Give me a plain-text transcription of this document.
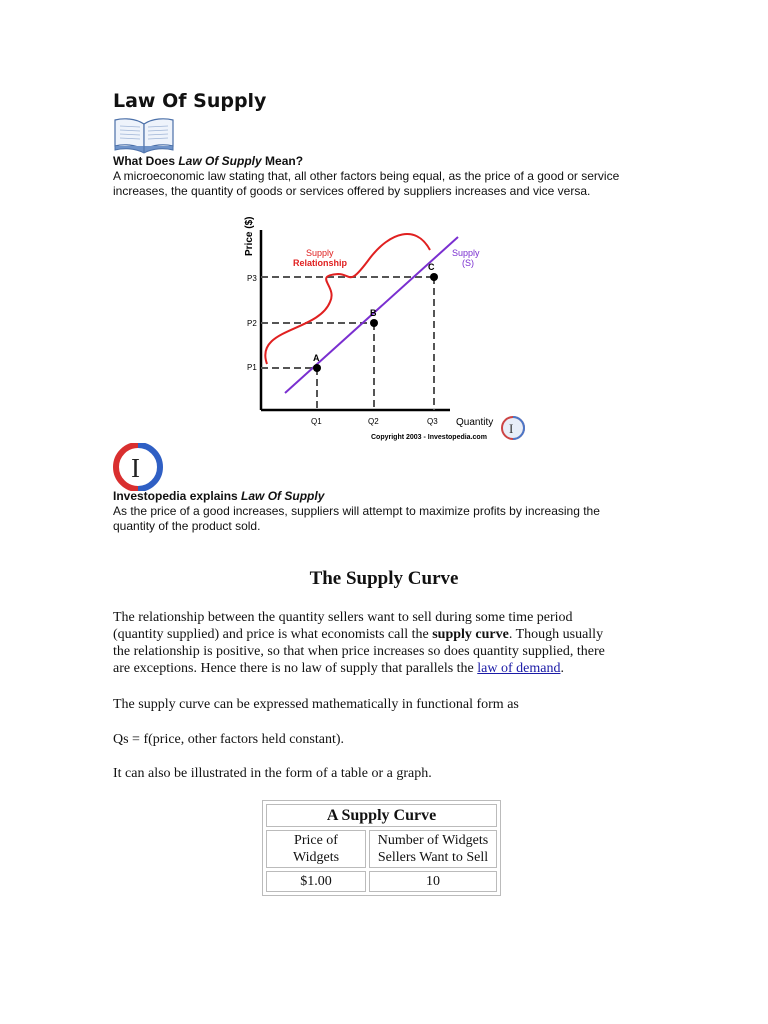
Law Of Supply
What Does Law Of Supply Mean?
A microeconomic law stating that, all other factors being equal, as the price of a good or service
increases, the quantity of goods or services offered by suppliers increases and vice versa.
Price ($)
Quantity
P3
P2
P1
Q1	Q2	Q3
A
B
C
Supply
(S)
Supply
Relationship
Copyright 2003 - Investopedia.com
I
I
Investopedia explains Law Of Supply
As the price of a good increases, suppliers will attempt to maximize profits by increasing the
quantity of the product sold.
The Supply Curve
The relationship between the quantity sellers want to sell during some time period
(quantity supplied) and price is what economists call the supply curve. Though usually
the relationship is positive, so that when price increases so does quantity supplied, there
are exceptions. Hence there is no law of supply that parallels the law of demand.

The supply curve can be expressed mathematically in functional form as

Qs = f(price, other factors held constant).

It can also be illustrated in the form of a table or a graph.

A Supply Curve	
Price of
Widgets	Number of Widgets
Sellers Want to Sell
$1.00	10
